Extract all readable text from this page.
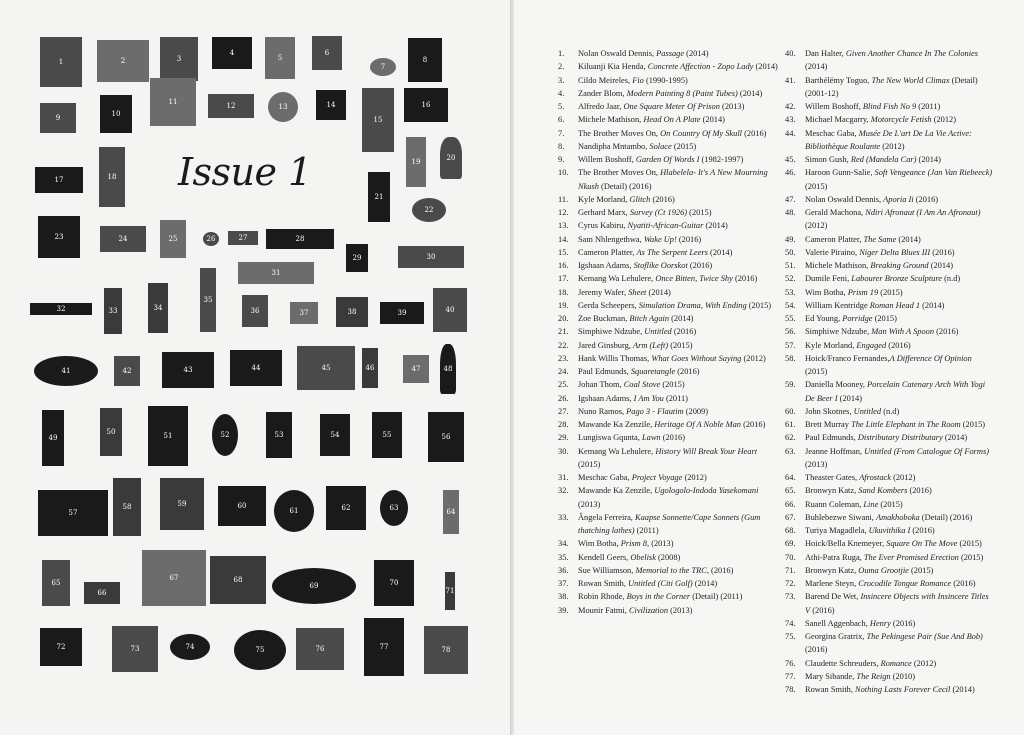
1	2	3
4
5
6
7
8
9	10
11	12	13	14
15
16
17	18 Issue 1	19	20
21
22
23	24	25	26	27	28
29	30
31
32	33	34
35
36	37	38	39	40
41	42	43	44	45	46	47	48
49
50	51	52	53	54	55	56
57
58	59	60
61	62	63	64
65
66
67	68
69	70
71
72	73	74	75	76	77	78
1.	Nolan Oswald Dennis, Passage (2014)
2.	Kiluanji Kia Henda, Concrete Affection - Zopo Lady (2014)
3.	Cildo Meireles, Fio (1990-1995)
4.	Zander Blom, Modern Painting 8 (Paint Tubes) (2014)
5.	Alfredo Jaar, One Square Meter Of Prison (2013)
6.	Michele Mathison, Head On A Plate (2014)
7.	The Brother Moves On, On Country Of My Skull (2016)
8.	Nandipha Mntambo, Solace (2015)
9.	Willem Boshoff, Garden Of Words I (1982-1997)
10.	The Brother Moves On, Hlabelela- It's A New Mourning Nkush (Detail) (2016)
11.	Kyle Morland, Glitch (2016)
12.	Gerhard Marx, Survey (Ct 1926) (2015)
13.	Cyrus Kabiru, Nyatiti-African-Guitar (2014)
14.	Sam Nhlengethwa, Wake Up! (2016)
15.	Cameron Platter, As The Serpent Leers (2014)
16.	Igshaan Adams, Stoflike Oorskot (2016)
17.	Kemang Wa Lehulere, Once Bitten, Twice Shy (2016)
18.	Jeremy Wafer, Sheet (2014)
19.	Gerda Scheepers, Simulation Drama, With Ending (2015)
20.	Zoe Buckman, Bitch Again (2014)
21.	Simphiwe Ndzube, Untitled (2016)
22.	Jared Ginsburg, Arm (Left) (2015)
23.	Hank Willis Thomas, What Goes Without Saying (2012)
24.	Paul Edmunds, Squaretangle (2016)
25.	Johan Thom, Coal Stove (2015)
26.	Igshaan Adams, I Am You (2011)
27.	Nuno Ramos, Pago 3 - Flautim (2009)
28.	Mawande Ka Zenzile, Heritage Of A Noble Man (2016)
29.	Lungiswa Gqunta, Lawn (2016)
30.	Kemang Wa Lehulere, History Will Break Your Heart (2015)
31.	Meschac Gaba, Project Voyage (2012)
32.	Mawande Ka Zenzile, Ugologolo-Indoda Yasekomani (2013)
33.	Ângela Ferreira, Kaapse Sonnette/Cape Sonnets (Gum thatching lathes) (2011)
34.	Wim Botha, Prism 8, (2013)
35.	Kendell Geers, Obelisk (2008)
36.	Sue Williamson, Memorial to the TRC, (2016)
37.	Rowan Smith, Untitled (Citi Golf) (2014)
38.	Robin Rhode, Boys in the Corner (Detail) (2011)
39.	Mounir Fatmi, Civilization (2013)
40.	Dan Halter, Given Another Chance In The Colonies (2014)
41.	Barthélémy Toguo, The New World Climax (Detail) (2001-12)
42.	Willem Boshoff, Blind Fish No 9 (2011)
43.	Michael Macgarry, Motorcycle Fetish (2012)
44.	Meschac Gaba, Musée De L'art De La Vie Active: Bibliothèque Roulante (2012)
45.	Simon Gush, Red (Mandela Car) (2014)
46.	Haroon Gunn-Salie, Soft Vengeance (Jan Van Riebeeck) (2015)
47.	Nolan Oswald Dennis, Aporia Ii (2016)
48.	Gerald Machona, Ndiri Afronaut (I Am An Afronaut) (2012)
49.	Cameron Platter, The Same (2014)
50.	Valerie Piraino, Niger Delta Blues III (2016)
51.	Michele Mathison, Breaking Ground (2014)
52.	Dumile Feni, Labourer Bronze Sculpture (n.d)
53.	Wim Botha, Prism 19 (2015)
54.	William Kentridge Roman Head 1 (2014)
55.	Ed Young, Porridge (2015)
56.	Simphiwe Ndzube, Man With A Spoon (2016)
57.	Kyle Morland, Engaged (2016)
58.	Hoick/Franco Fernandes,A Difference Of Opinion (2015)
59.	Daniella Mooney, Porcelain Catenary Arch With Yogi De Beer I (2014)
60.	John Skotnes, Untitled (n.d)
61.	Brett Murray The Little Elephant in The Room (2015)
62.	Paul Edmunds, Distributary Distributary (2014)
63.	Jeanne Hoffman, Untitled (From Catalogue Of Forms) (2013)
64.	Theaster Gates, Afrostack (2012)
65.	Bronwyn Katz, Sand Kombers (2016)
66.	Ruann Coleman, Line (2015)
67.	Buhlebezwe Siwani, Amakhoboka (Detail) (2016)
68.	Turiya Magadlela, Ukuvithika I (2016)
69.	Hoick/Bella Knemeyer, Square On The Move (2015)
70.	Athi-Patra Ruga, The Ever Promised Erection (2015)
71.	Bronwyn Katz, Ouma Grootjie (2015)
72.	Marlene Steyn, Crocodile Tongue Romance (2016)
73.	Barend De Wet, Insincere Objects with Insincere Titles V (2016)
74.	Sanell Aggenbach, Henry (2016)
75.	Georgina Gratrix, The Pekingese Pair (Sue And Bob) (2016)
76.	Claudette Schreuders, Romance (2012)
77.	Mary Sibande, The Reign (2010)
78.	Rowan Smith, Nothing Lasts Forever Cecil (2014)
